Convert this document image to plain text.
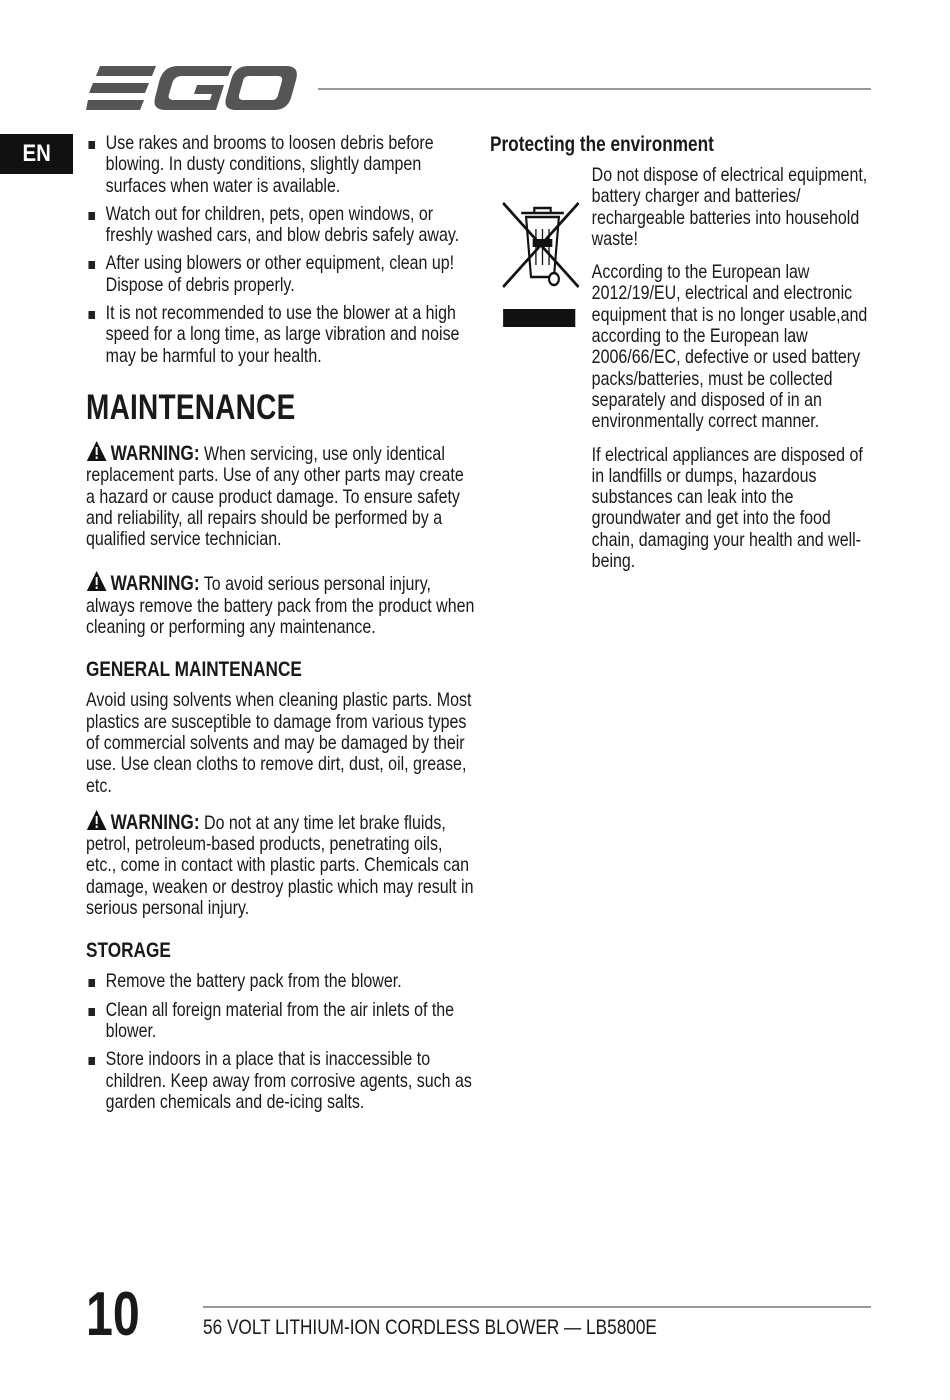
EN	Use rakes and brooms to loosen debris before blowing. In dusty conditions, slightly dampen surfaces when water is available.
Watch out for children, pets, open windows, or freshly washed cars, and blow debris safely away.
After using blowers or other equipment, clean up! Dispose of debris properly.
It is not recommended to use the blower at a high speed for a long time, as large vibration and noise may be harmful to your health.
MAINTENANCE

WARNING: When servicing, use only identical replacement parts. Use of any other parts may create a hazard or cause product damage. To ensure safety and reliability, all repairs should be performed by a qualified service technician.

WARNING: To avoid serious personal injury, always remove the battery pack from the product when cleaning or performing any maintenance.

GENERAL MAINTENANCE

Avoid using solvents when cleaning plastic parts. Most plastics are susceptible to damage from various types of commercial solvents and may be damaged by their use. Use clean cloths to remove dirt, dust, oil, grease, etc.

WARNING: Do not at any time let brake fluids, petrol, petroleum-based products, penetrating oils, etc., come in contact with plastic parts. Chemicals can damage, weaken or destroy plastic which may result in serious personal injury.

STORAGE
Remove the battery pack from the blower.
Clean all foreign material from the air inlets of the blower.
Store indoors in a place that is inaccessible to children. Keep away from corrosive agents, such as garden chemicals and de-icing salts.
Protecting the environment

Do not dispose of electrical equipment, battery charger and batteries/ rechargeable batteries into household waste!

According to the European law 2012/19/EU, electrical and electronic equipment that is no longer usable,and according to the European law 2006/66/EC, defective or used battery packs/batteries, must be collected separately and disposed of in an environmentally correct manner.

If electrical appliances are disposed of in landfills or dumps, hazardous substances can leak into the groundwater and get into the food chain, damaging your health and well-being.

10	56 VOLT LITHIUM-ION CORDLESS BLOWER — LB5800E
